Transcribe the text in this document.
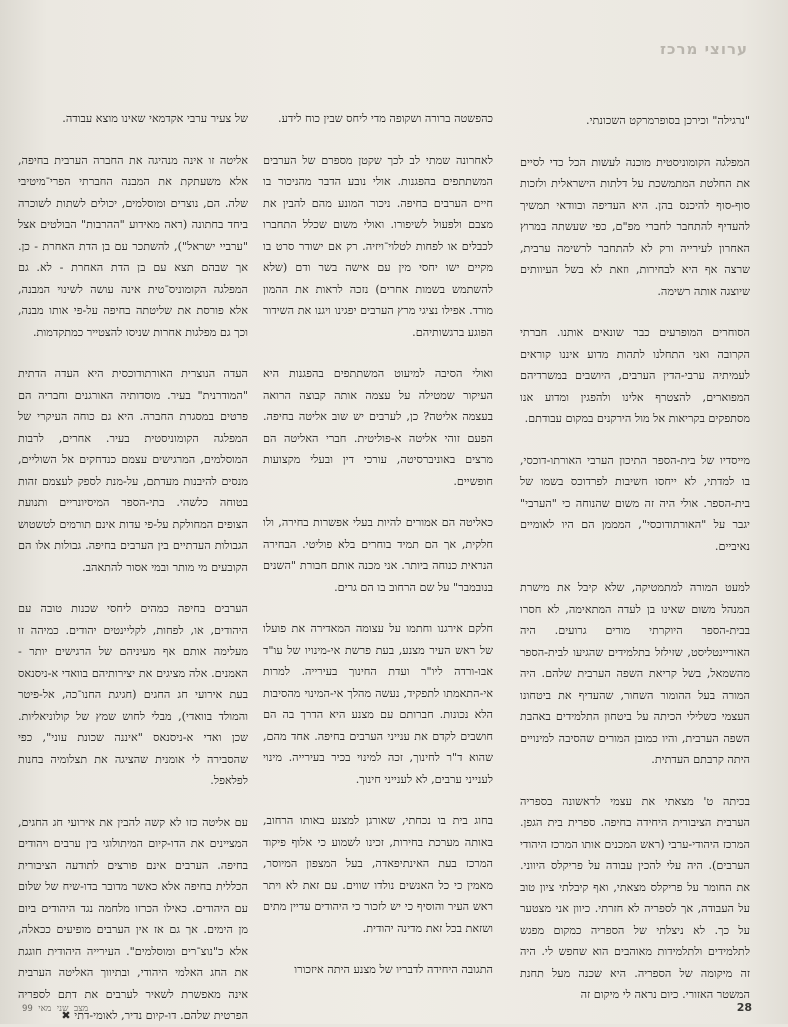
ערוצי מרכז

"נרגילה" וכירכן בסופרמרקט השכונתי.

המפלגה הקומוניסטית מוכנה לעשות הכל כדי לסיים את החלטת המתמשכת על דלתות הישראלית ולזכות סוף-סוף להיכנס בהן. היא העדיפה ובוודאי תמשיך להעדיף להתחבר לחברי מפ"ם, כפי שעשתה במרוץ האחרון לעירייה ורק לא להתחבר לרשימה ערבית, שרצה אף היא לבחירות, וזאת לא בשל העיוותים שיוצגה אותה רשימה.

הסוחרים המופרעים כבר שונאים אותנו. חברתי הקרובה ואני התחלנו לתהות מדוע איננו קוראים לעמיתיה ערבי-הדין הערבים, היושבים במשרדיהם המפוארים, להצטרף אלינו ולהפגין ומדוע אנו מסתפקים בקריאות אל מול הירקנים במקום עבודתם.

מייסדיו של בית-הספר התיכון הערבי האורתו-דוכסי, בו למדתי, לא ייחסו חשיבות לפרדוכס בשמו של בית-הספר. אולי היה זה משום שהנוחה כי "הערבי" יגבר על "האורתודוכסי", המממן הם היו לאומיים נאיביים.

למעט המורה למתמטיקה, שלא קיבל את מישרת המנהל משום שאינו בן לעדה המתאימה, לא חסרו בבית-הספר היוקרתי מורים גרועים. היה האוריינטליסט, שזילזל בתלמידים שהגיעו לבית-הספר מהשמאל, בשל קריאת השפה הערבית שלהם. היה המורה בעל ההומור השחור, שהעדיף את ביטחונו העצמי כשלילי הכיתה על ביטחון התלמידים באהבת השפה הערבית, והיו כמובן המורים שהסיבה למינויים היתה קרבתם העדתית.

בכיתה ט' מצאתי את עצמי לראשונה בספריה הערבית הציבורית היחידה בחיפה. ספרית בית הגפן. המרכז היהודי-ערבי (ראש המכנים אותו המרכז היהודי הערבים). היה עלי להכין עבודה על פריקלס היווני. את החומר על פריקלס מצאתי, ואף קיבלתי ציון טוב על העבודה, אך לספריה לא חזרתי. כיוון אני מצטער על כך. לא ניצלתי של הספריה כמקום מפגש לתלמידים ולתלמידות מאוהבים הוא שחפש לי. היה זה מיקומה של הספריה. היא שכנה מעל תחנת המשטר האזורי. כיום נראה לי מיקום זה

כהפשטה ברורה ושקופה מדי ליחס שבין כוח לידע.

לאחרונה שמתי לב לכך שקטן מספרם של הערבים המשתתפים בהפגנות. אולי נובע הדבר מהניכור בו חיים הערבים בחיפה. ניכור המונע מהם להבין את מצבם ולפעול לשיפורו. ואולי משום שכלל התחברו לכבלים או לפחות לטלוי־ויזיה. רק אם ישודר סרט בו מקיים ישו יחסי מין עם אישה בשר ודם (שלא להשתמש בשמות אחרים) נזכה לראות את ההמון מורד. אפילו נציגי מרץ הערבים יפגינו ויגנו את השידור הפוגע ברגשותיהם.

ואולי הסיבה למיעוט המשתתפים בהפגנות היא העיקור שמטילה על עצמה אותה קבוצה הרואה בעצמה אליטה? כן, לערבים יש שוב אליטה בחיפה. הפעם זוהי אליטה א-פוליטית. חברי האליטה הם מרצים באוניברסיטה, עורכי דין ובעלי מקצועות חופשיים.

כאליטה הם אמורים להיות בעלי אפשרות בחירה, ולו חלקית, אך הם תמיד בוחרים בלא פוליטי. הבחירה הנראית כנוחה ביותר. אני מכנה אותם חבורת "השנים בנובמבר" על שם הרחוב בו הם גרים.

חלקם אירגנו וחתמו על עצומה המאדירה את פועלו של ראש העיר מצנע, בעת פרשת אי-מינויו של עו"ד אבו-ורדה ליו"ר ועדת החינוך בעירייה. למרות אי-התאמתו לתפקיד, נעשה מהלך אי-המינוי מהסיבות הלא נכונות. חברותם עם מצנע היא הדרך בה הם חושבים לקדם את ענייני הערבים בחיפה. אחד מהם, שהוא ד"ר לחינוך, זכה למינוי בכיר בעירייה. מינוי לענייני ערבים, לא לענייני חינוך.

בחוג בית בו נכחתי, שאורגן למצנע באותו הרחוב, באותה מערכת בחירות, זכינו לשמוע כי אלוף פיקוד המרכז בעת האינתיפאדה, בעל המצפון המיוסר, מאמין כי כל האנשים נולדו שווים. עם זאת לא ויתר ראש העיר והוסיף כי יש לזכור כי היהודים עדיין מתים ושזאת בכל זאת מדינה יהודית.

התגובה היחידה לדבריו של מצנע היתה איזכורו

של צעיר ערבי אקדמאי שאינו מוצא עבודה.

אליטה זו אינה מנהיגה את החברה הערבית בחיפה, אלא משעתקת את המבנה החברתי הפרי־מיטיבי שלה. הם, נוצרים ומוסלמים, יכולים לשתות לשוכרה ביחד בחתונה (ראה מאידוע "ההרבות" הבולטים אצל "ערביי ישראל"), להשתכר עם בן הדת האחרת - כן. אך שבהם תצא עם בן הדת האחרת - לא. גם המפלגה הקומוניס־טית אינה עושה לשינוי המבנה, אלא פורסת את שליטתה בחיפה על-פי אותו מבנה, וכך גם מפלגות אחרות שניסו להצטייר כמתקדמות.

העדה הנוצרית האורתודוכסית היא העדה הדתית "המודרנית" בעיר. מוסדותיה האורגנים וחבריה הם פרטים במסגרת החברה. היא גם כוחה העיקרי של המפלגה הקומוניסטית בעיר. אחרים, לרבות המוסלמים, המרגישים עצמם כנדחקים אל השוליים, מנסים להיבנות מעדתם, על-מנת לספק לעצמם זהות בטוחה כלשהי. בתי-הספר המיסיונריים ותנועת הצופים המחולקת על-פי עדות אינם תורמים לטשטוש הגבולות העדתיים בין הערבים בחיפה. גבולות אלו הם הקובעים מי מותר ובמי אסור להתאהב.

הערבים בחיפה כמהים ליחסי שכנות טובה עם היהודים, או, לפחות, לקליינטים יהודים. כמיהה זו מעלימה אותם אף מעיניהם של הרגישים יותר - האמנים. אלה מציגים את יצירותיהם בוואדי א-ניסנאס בעת אירועי חג החגים (חגיגת החנו־כה, אל-פיטר והמולד בוואדי), מבלי לחוש שמץ של קולוניאליות. שכן ואדי א-ניסנאס "איננה שכונת עוני", כפי שהסבירה לי אומנית שהציגה את תצלומיה בחנות לפלאפל.

עם אליטה כזו לא קשה להבין את אירועי חג החגים, המציינים את הדו-קיום המיתולוגי בין ערבים ויהודים בחיפה. הערבים אינם פורצים לתודעה הציבורית הכללית בחיפה אלא כאשר מדובר בדו-שיח של שלום עם היהודים. כאילו הכרזו מלחמה נגד היהודים ביום מן הימים. אך גם אז אין הערבים מופיעים ככאלה, אלא כ"נוצ־רים ומוסלמים". העירייה היהודית חוגגת את החג האלמי היהודי, ובתיווך האליטה הערבית אינה מאפשרת לשאיר לערבים את דתם לספריה הפרטית שלהם. דו-קיום נדיר, לאומי-דתי ✖

מצב שני מאי 99	28
